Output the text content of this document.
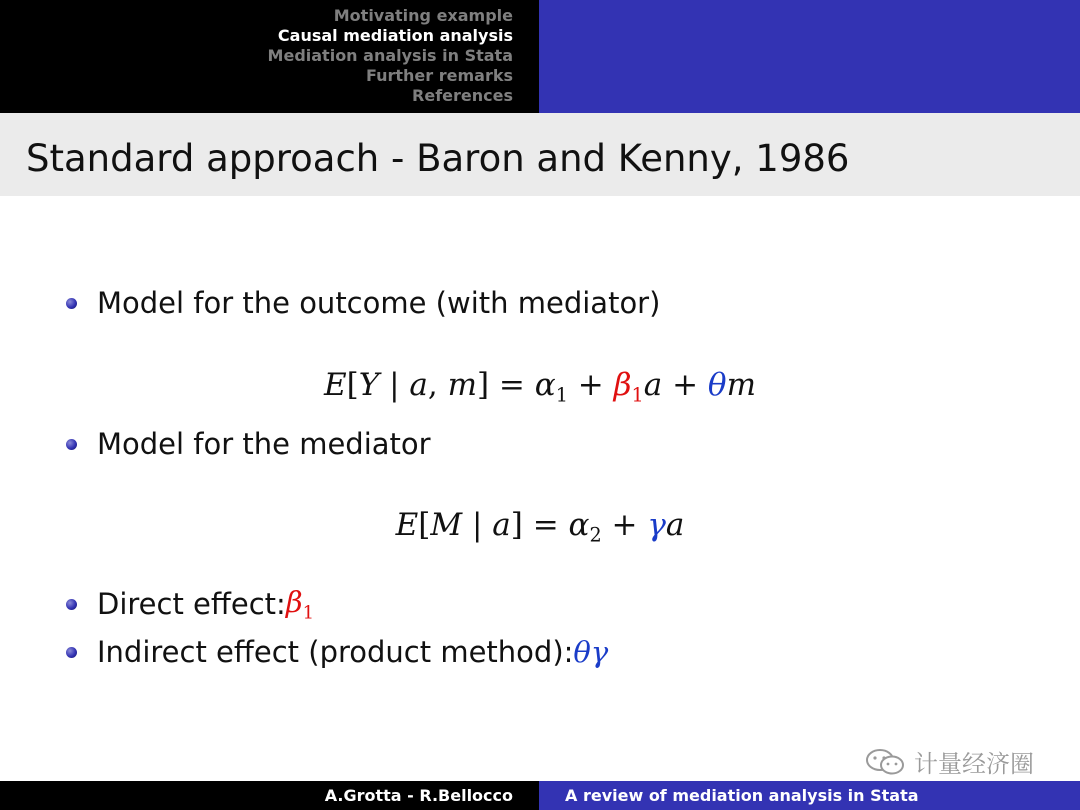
Motivating example
Causal mediation analysis
Mediation analysis in Stata
Further remarks
References
Standard approach - Baron and Kenny, 1986
Model for the outcome (with mediator)
E[Y | a, $m] = \alpha_1 + \beta_1a + \theta m$
Model for the mediator
E[M | $a] = \alpha_2 + \gamma a$
Direct effect: $\beta_1$
Indirect effect (product method): θγ
计量经济圈
A.Grotta - R.Bellocco	A review of mediation analysis in Stata
